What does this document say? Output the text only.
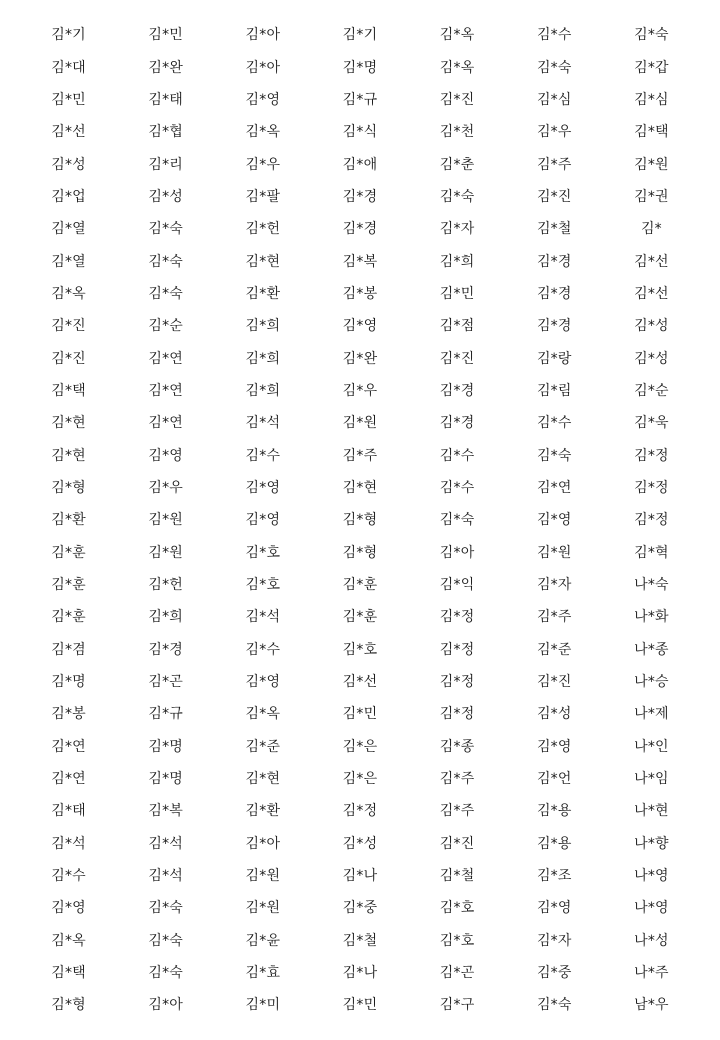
김*기	김*민	김*아	김*기	김*옥	김*수	김*숙
김*대	김*완	김*아	김*명	김*옥	김*숙	김*갑
김*민	김*태	김*영	김*규	김*진	김*심	김*심
김*선	김*협	김*옥	김*식	김*천	김*우	김*택
김*성	김*리	김*우	김*애	김*춘	김*주	김*원
김*업	김*성	김*팔	김*경	김*숙	김*진	김*권
김*열	김*숙	김*헌	김*경	김*자	김*철	김*
김*열	김*숙	김*현	김*복	김*희	김*경	김*선
김*옥	김*숙	김*환	김*봉	김*민	김*경	김*선
김*진	김*순	김*희	김*영	김*점	김*경	김*성
김*진	김*연	김*희	김*완	김*진	김*랑	김*성
김*택	김*연	김*희	김*우	김*경	김*림	김*순
김*현	김*연	김*석	김*원	김*경	김*수	김*욱
김*현	김*영	김*수	김*주	김*수	김*숙	김*정
김*형	김*우	김*영	김*현	김*수	김*연	김*정
김*환	김*원	김*영	김*형	김*숙	김*영	김*정
김*훈	김*원	김*호	김*형	김*아	김*원	김*혁
김*훈	김*헌	김*호	김*훈	김*익	김*자	나*숙
김*훈	김*희	김*석	김*훈	김*정	김*주	나*화
김*겸	김*경	김*수	김*호	김*정	김*준	나*종
김*명	김*곤	김*영	김*선	김*정	김*진	나*승
김*봉	김*규	김*옥	김*민	김*정	김*성	나*제
김*연	김*명	김*준	김*은	김*종	김*영	나*인
김*연	김*명	김*현	김*은	김*주	김*언	나*임
김*태	김*복	김*환	김*정	김*주	김*용	나*현
김*석	김*석	김*아	김*성	김*진	김*용	나*향
김*수	김*석	김*원	김*나	김*철	김*조	나*영
김*영	김*숙	김*원	김*중	김*호	김*영	나*영
김*옥	김*숙	김*윤	김*철	김*호	김*자	나*성
김*택	김*숙	김*효	김*나	김*곤	김*중	나*주
김*형	김*아	김*미	김*민	김*구	김*숙	남*우
